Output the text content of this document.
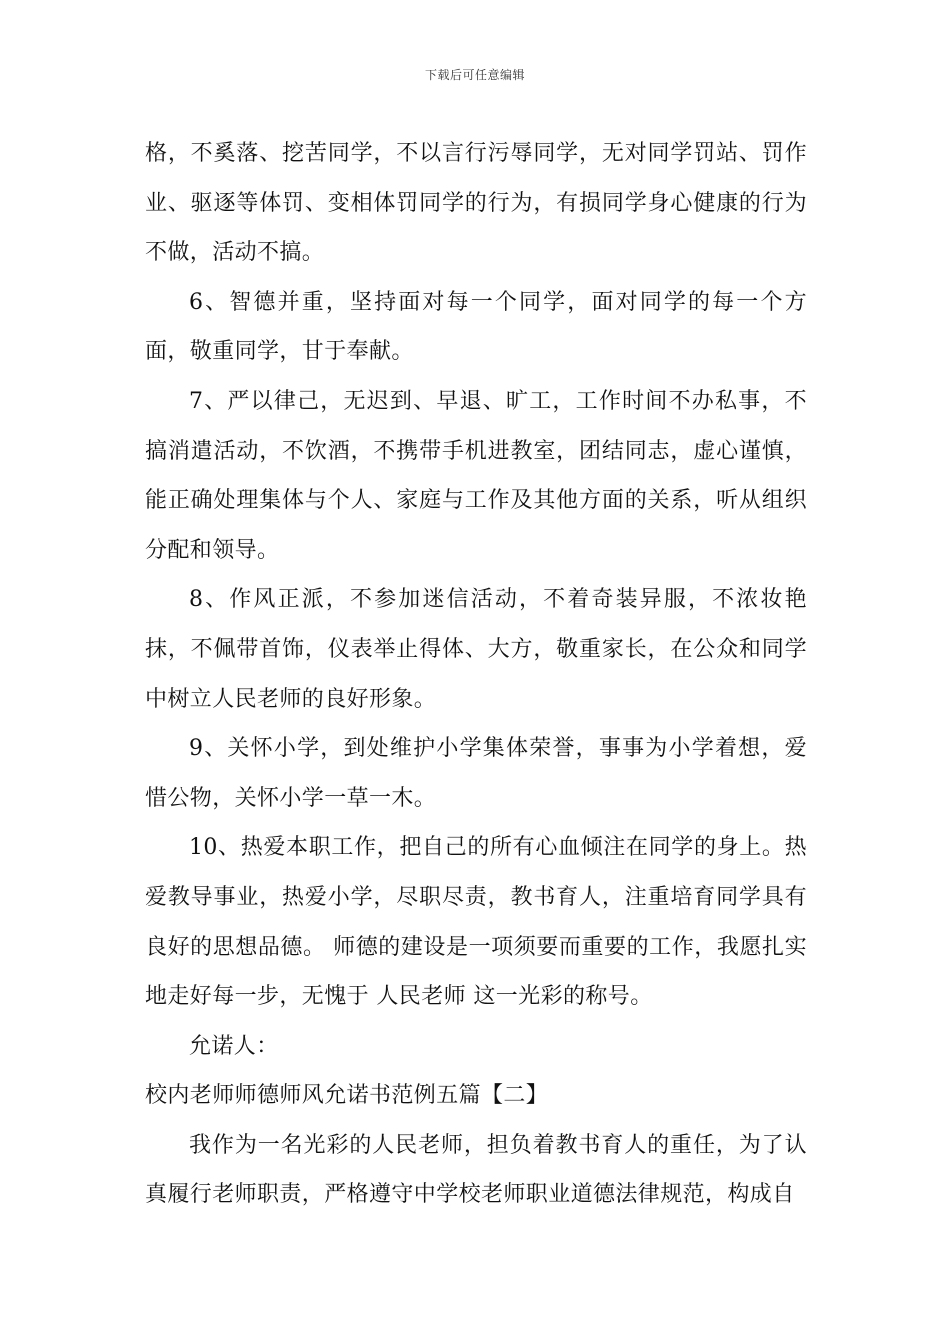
下载后可任意编辑

格，不奚落、挖苦同学，不以言行污辱同学，无对同学罚站、罚作业、驱逐等体罚、变相体罚同学的行为，有损同学身心健康的行为不做，活动不搞。

6、智德并重，坚持面对每一个同学，面对同学的每一个方面，敬重同学，甘于奉献。

7、严以律己，无迟到、早退、旷工，工作时间不办私事，不搞消遣活动，不饮酒，不携带手机进教室，团结同志，虚心谨慎，能正确处理集体与个人、家庭与工作及其他方面的关系，听从组织分配和领导。

8、作风正派，不参加迷信活动，不着奇装异服，不浓妆艳抹，不佩带首饰，仪表举止得体、大方，敬重家长，在公众和同学中树立人民老师的良好形象。

9、关怀小学，到处维护小学集体荣誉，事事为小学着想，爱惜公物，关怀小学一草一木。

10、热爱本职工作，把自己的所有心血倾注在同学的身上。热爱教导事业，热爱小学，尽职尽责，教书育人，注重培育同学具有良好的思想品德。 师德的建设是一项须要而重要的工作，我愿扎实地走好每一步，无愧于 人民老师 这一光彩的称号。

允诺人：

校内老师师德师风允诺书范例五篇【二】

我作为一名光彩的人民老师，担负着教书育人的重任，为了认真履行老师职责，严格遵守中学校老师职业道德法律规范，构成自
